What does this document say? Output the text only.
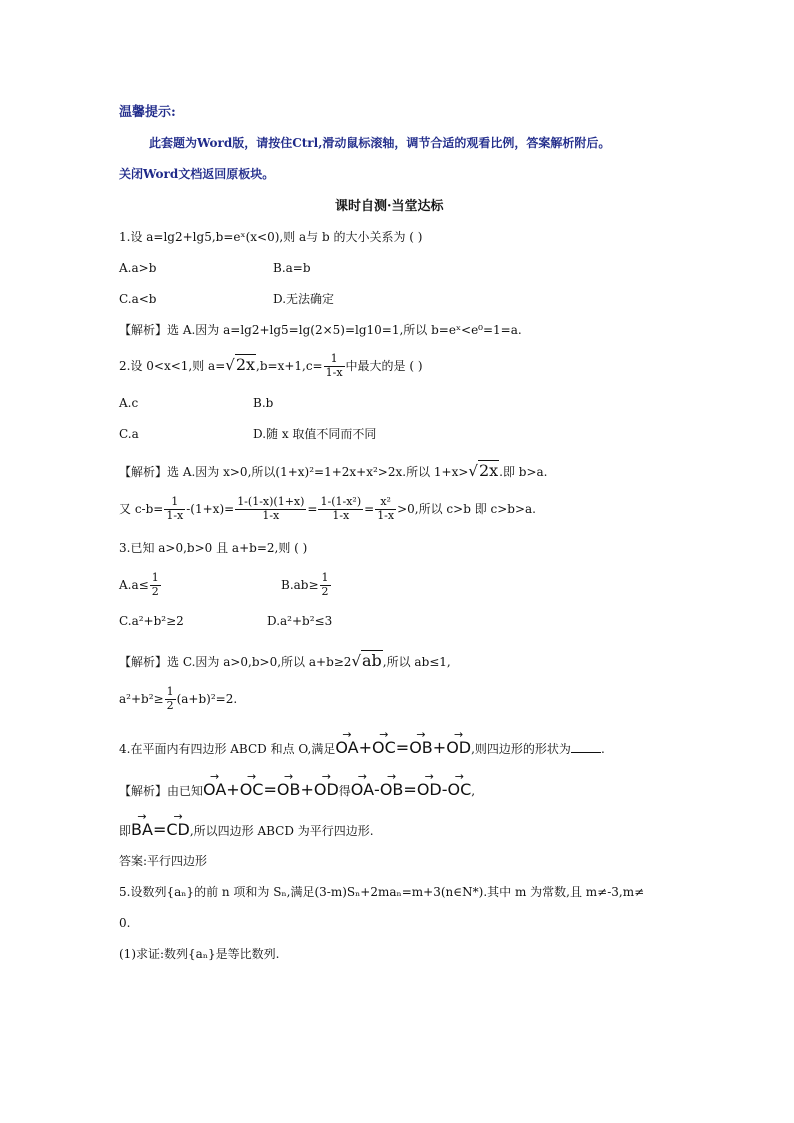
温馨提示:
此套题为Word版，请按住Ctrl,滑动鼠标滚轴，调节合适的观看比例，答案解析附后。
关闭Word文档返回原板块。
课时自测·当堂达标
1.设 a=lg2+lg5,b=eˣ(x<0),则 a与 b 的大小关系为 ( )
A.a>b	B.a=b
C.a<b	D.无法确定
【解析】选 A.因为 a=lg2+lg5=lg(2×5)=lg10=1,所以 b=eˣ<e⁰=1=a.
2.设 0<x<1,则 $a=√2x,b=x+1,c= \frac{1}{1-x}$ 中最大的是 ( )
A.c	B.b
C.a	D.随 x 取值不同而不同
【解析】选 A.因为 x>0,所以(1+x)²=1+2x+x²>2x.所以 1+x>√2x.即 b>a.
又 $c-b= \frac{1}{1-x} -(1+x)= \frac{1-(1-x)(1+x)}{1-x} = \frac{\text{1-(1-x²)}}{1-x} = \frac{\text{x²}}{1-x} >0$,所以 c>b 即 c>b>a.
3.已知 a>0,b>0 且 a+b=2,则 ( )
$A.a\le \frac{1}{2}$	$B.ab\ge \frac{1}{2}$
C.a²+b²≥2	D.a²+b²≤3
【解析】选 C.因为 a>0,b>0,所以 a+b≥2√ab,所以 ab≤1,
$a^2+b^2\ge \frac{1}{2} (a+b)^2=2$.
4.在平面内有四边形 ABCD 和点 O,满足→ OA+→ OC=→ OB+→ OD,则四边形的形状为	.
【解析】由已知→ OA+→ OC=→ OB+→ OD得→ OA-→ OB=→ OD-→ OC,
即→ BA=→ CD,所以四边形 ABCD 为平行四边形.
答案:平行四边形
5.设数列{aₙ}的前 n 项和为 Sₙ,满足(3-m)Sₙ+2maₙ=m+3(n∈N*).其中 m 为常数,且 m≠-3,m≠
0.
(1)求证:数列{aₙ}是等比数列.
